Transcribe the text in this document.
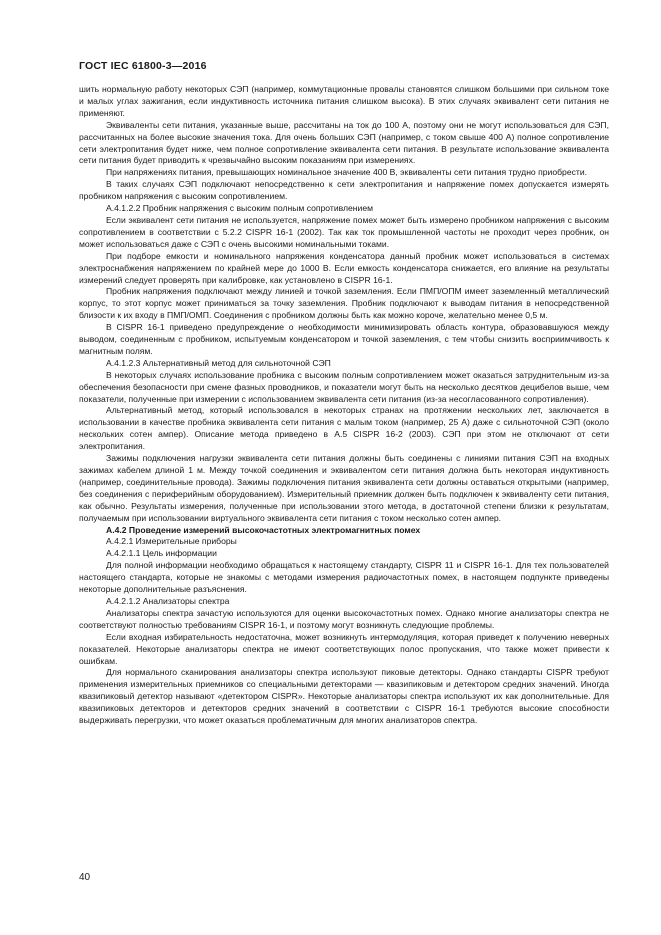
ГОСТ IEC 61800-3—2016

шить нормальную работу некоторых СЭП (например, коммутационные провалы становятся слишком большими при сильном токе и малых углах зажигания, если индуктивность источника питания слишком высока). В этих случаях эквивалент сети питания не применяют.

Эквиваленты сети питания, указанные выше, рассчитаны на ток до 100 А, поэтому они не могут использоваться для СЭП, рассчитанных на более высокие значения тока. Для очень больших СЭП (например, с током свыше 400 А) полное сопротивление сети электропитания будет ниже, чем полное сопротивление эквивалента сети питания. В результате использование эквивалента сети питания будет приводить к чрезвычайно высоким показаниям при измерениях.

При напряжениях питания, превышающих номинальное значение 400 В, эквиваленты сети питания трудно приобрести.

В таких случаях СЭП подключают непосредственно к сети электропитания и напряжение помех допускается измерять пробником напряжения с высоким сопротивлением.

А.4.1.2.2 Пробник напряжения с высоким полным сопротивлением

Если эквивалент сети питания не используется, напряжение помех может быть измерено пробником напряжения с высоким сопротивлением в соответствии с 5.2.2 CISPR 16-1 (2002). Так как ток промышленной частоты не проходит через пробник, он может использоваться даже с СЭП с очень высокими номинальными токами.

При подборе емкости и номинального напряжения конденсатора данный пробник может использоваться в системах электроснабжения напряжением по крайней мере до 1000 В. Если емкость конденсатора снижается, его влияние на результаты измерений следует проверять при калибровке, как установлено в CISPR 16-1.

Пробник напряжения подключают между линией и точкой заземления. Если ПМП/ОПМ имеет заземленный металлический корпус, то этот корпус может приниматься за точку заземления. Пробник подключают к выводам питания в непосредственной близости к их входу в ПМП/ОМП. Соединения с пробником должны быть как можно короче, желательно менее 0,5 м.

В CISPR 16-1 приведено предупреждение о необходимости минимизировать область контура, образовавшуюся между выводом, соединенным с пробником, испытуемым конденсатором и точкой заземления, с тем чтобы снизить восприимчивость к магнитным полям.

А.4.1.2.3 Альтернативный метод для сильноточной СЭП

В некоторых случаях использование пробника с высоким полным сопротивлением может оказаться затруднительным из-за обеспечения безопасности при смене фазных проводников, и показатели могут быть на несколько десятков децибелов выше, чем показатели, полученные при измерении с использованием эквивалента сети питания (из-за несогласованного сопротивления).

Альтернативный метод, который использовался в некоторых странах на протяжении нескольких лет, заключается в использовании в качестве пробника эквивалента сети питания с малым током (например, 25 А) даже с сильноточной СЭП (около нескольких сотен ампер). Описание метода приведено в А.5 CISPR 16-2 (2003). СЭП при этом не отключают от сети электропитания.

Зажимы подключения нагрузки эквивалента сети питания должны быть соединены с линиями питания СЭП на входных зажимах кабелем длиной 1 м. Между точкой соединения и эквивалентом сети питания должна быть некоторая индуктивность (например, соединительные провода). Зажимы подключения питания эквивалента сети должны оставаться открытыми (например, без соединения с периферийным оборудованием). Измерительный приемник должен быть подключен к эквиваленту сети питания, как обычно. Результаты измерения, полученные при использовании этого метода, в достаточной степени близки к результатам, получаемым при использовании виртуального эквивалента сети питания с током несколько сотен ампер.

А.4.2 Проведение измерений высокочастотных электромагнитных помех

А.4.2.1 Измерительные приборы

А.4.2.1.1 Цель информации

Для полной информации необходимо обращаться к настоящему стандарту, CISPR 11 и CISPR 16-1. Для тех пользователей настоящего стандарта, которые не знакомы с методами измерения радиочастотных помех, в настоящем подпункте приведены некоторые дополнительные разъяснения.

А.4.2.1.2 Анализаторы спектра

Анализаторы спектра зачастую используются для оценки высокочастотных помех. Однако многие анализаторы спектра не соответствуют полностью требованиям CISPR 16-1, и поэтому могут возникнуть следующие проблемы.

Если входная избирательность недостаточна, может возникнуть интермодуляция, которая приведет к получению неверных показателей. Некоторые анализаторы спектра не имеют соответствующих полос пропускания, что также может привести к ошибкам.

Для нормального сканирования анализаторы спектра используют пиковые детекторы. Однако стандарты CISPR требуют применения измерительных приемников со специальными детекторами — квазипиковым и детектором средних значений. Иногда квазипиковый детектор называют «детектором CISPR». Некоторые анализаторы спектра используют их как дополнительные. Для квазипиковых детекторов и детекторов средних значений в соответствии с CISPR 16-1 требуются высокие способности выдерживать перегрузки, что может оказаться проблематичным для многих анализаторов спектра.

40
